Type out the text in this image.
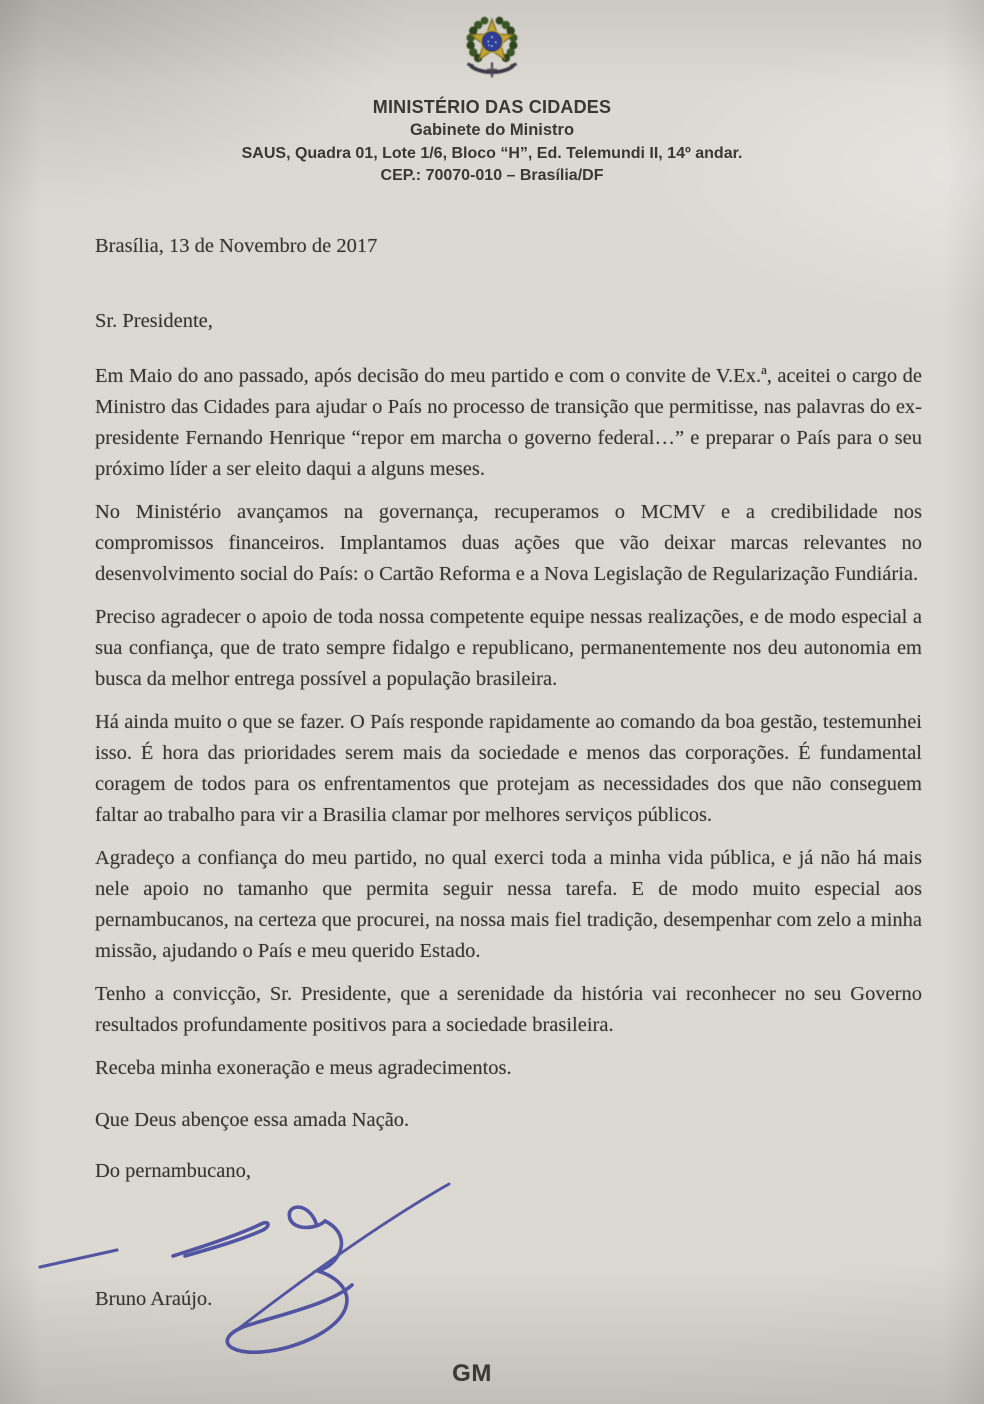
MINISTÉRIO DAS CIDADES
Gabinete do Ministro
SAUS, Quadra 01, Lote 1/6, Bloco “H”, Ed. Telemundi II, 14º andar.
CEP.: 70070-010 – Brasília/DF
Brasília, 13 de Novembro de 2017
Sr. Presidente,

Em Maio do ano passado, após decisão do meu partido e com o convite de V.Ex.ª, aceitei o cargo de Ministro das Cidades para ajudar o País no processo de transição que permitisse, nas palavras do ex-presidente Fernando Henrique “repor em marcha o governo federal…” e preparar o País para o seu próximo líder a ser eleito daqui a alguns meses.

No Ministério avançamos na governança, recuperamos o MCMV e a credibilidade nos compromissos financeiros. Implantamos duas ações que vão deixar marcas relevantes no desenvolvimento social do País: o Cartão Reforma e a Nova Legislação de Regularização Fundiária.

Preciso agradecer o apoio de toda nossa competente equipe nessas realizações, e de modo especial a sua confiança, que de trato sempre fidalgo e republicano, permanentemente nos deu autonomia em busca da melhor entrega possível a população brasileira.

Há ainda muito o que se fazer. O País responde rapidamente ao comando da boa gestão, testemunhei isso. É hora das prioridades serem mais da sociedade e menos das corporações. É fundamental coragem de todos para os enfrentamentos que protejam as necessidades dos que não conseguem faltar ao trabalho para vir a Brasilia clamar por melhores serviços públicos.

Agradeço a confiança do meu partido, no qual exerci toda a minha vida pública, e já não há mais nele apoio no tamanho que permita seguir nessa tarefa. E de modo muito especial aos pernambucanos, na certeza que procurei, na nossa mais fiel tradição, desempenhar com zelo a minha missão, ajudando o País e meu querido Estado.

Tenho a convicção, Sr. Presidente, que a serenidade da história vai reconhecer no seu Governo resultados profundamente positivos para a sociedade brasileira.

Receba minha exoneração e meus agradecimentos.

Que Deus abençoe essa amada Nação.

Do pernambucano,

Bruno Araújo.
GM
